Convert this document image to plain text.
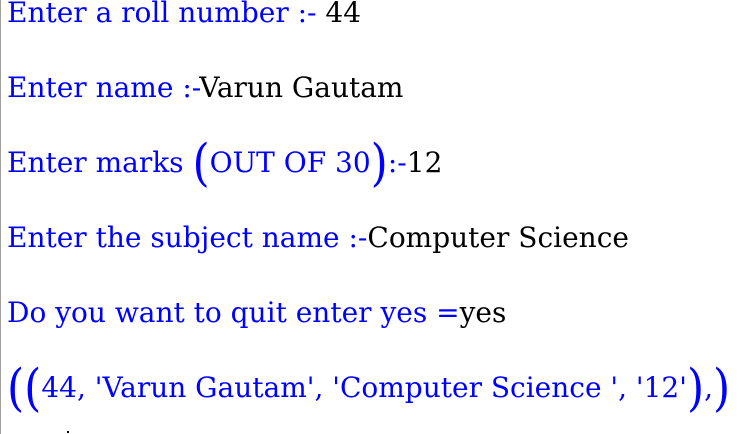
Enter a roll number :- 44
Enter name :-Varun Gautam
Enter marks (OUT OF 30):-12
Enter the subject name :-Computer Science
Do you want to quit enter yes =yes
((44, 'Varun Gautam', 'Computer Science ', '12'),)
